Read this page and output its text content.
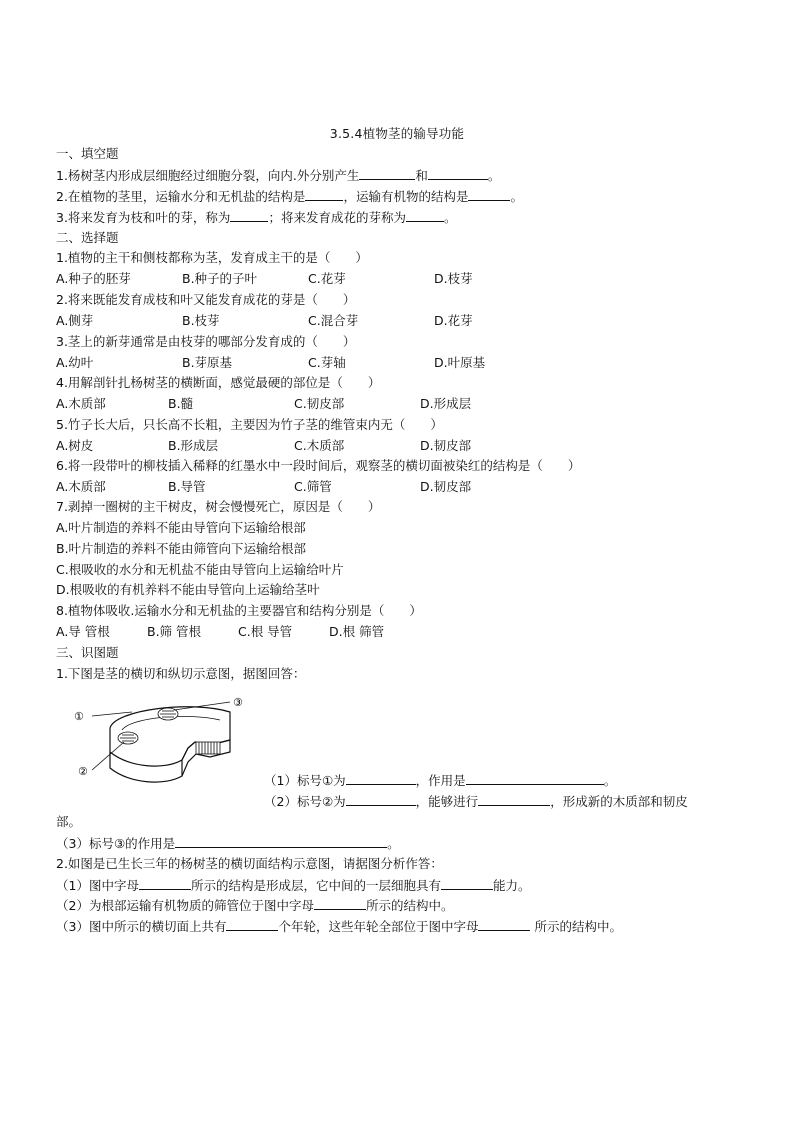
3.5.4植物茎的输导功能
一、填空题
1.杨树茎内形成层细胞经过细胞分裂，向内.外分别产生	和	。
2.在植物的茎里，运输水分和无机盐的结构是	，运输有机物的结构是	。
3.将来发育为枝和叶的芽，称为	；将来发育成花的芽称为	。
二、选择题
1.植物的主干和侧枝都称为茎，发育成主干的是（　　）
A.种子的胚芽	B.种子的子叶	C.花芽	D.枝芽
2.将来既能发育成枝和叶又能发育成花的芽是（　　）
A.侧芽	B.枝芽	C.混合芽	D.花芽
3.茎上的新芽通常是由枝芽的哪部分发育成的（　　）
A.幼叶	B.芽原基	C.芽轴	D.叶原基
4.用解剖针扎杨树茎的横断面，感觉最硬的部位是（　　）
A.木质部	B.髓	C.韧皮部	D.形成层
5.竹子长大后，只长高不长粗，主要因为竹子茎的维管束内无（　　）
A.树皮	B.形成层	C.木质部	D.韧皮部
6.将一段带叶的柳枝插入稀释的红墨水中一段时间后，观察茎的横切面被染红的结构是（　　）
A.木质部	B.导管	C.筛管	D.韧皮部
7.剥掉一圈树的主干树皮，树会慢慢死亡，原因是（　　）
A.叶片制造的养料不能由导管向下运输给根部
B.叶片制造的养料不能由筛管向下运输给根部
C.根吸收的水分和无机盐不能由导管向上运输给叶片
D.根吸收的有机养料不能由导管向上运输给茎叶
8.植物体吸收.运输水分和无机盐的主要器官和结构分别是（　　）
A.导 管根	B.筛 管根	C.根 导管	D.根 筛管
三、识图题
1.下图是茎的横切和纵切示意图，据图回答：
①
③
②
（1）标号①为	，作用是	。
（2）标号②为	，能够进行	，形成新的木质部和韧皮
部。
（3）标号③的作用是	。
2.如图是已生长三年的杨树茎的横切面结构示意图，请据图分析作答：
（1）图中字母	所示的结构是形成层，它中间的一层细胞具有	能力。
（2）为根部运输有机物质的筛管位于图中字母	所示的结构中。
（3）图中所示的横切面上共有	个年轮，这些年轮全部位于图中字母	所示的结构中。
